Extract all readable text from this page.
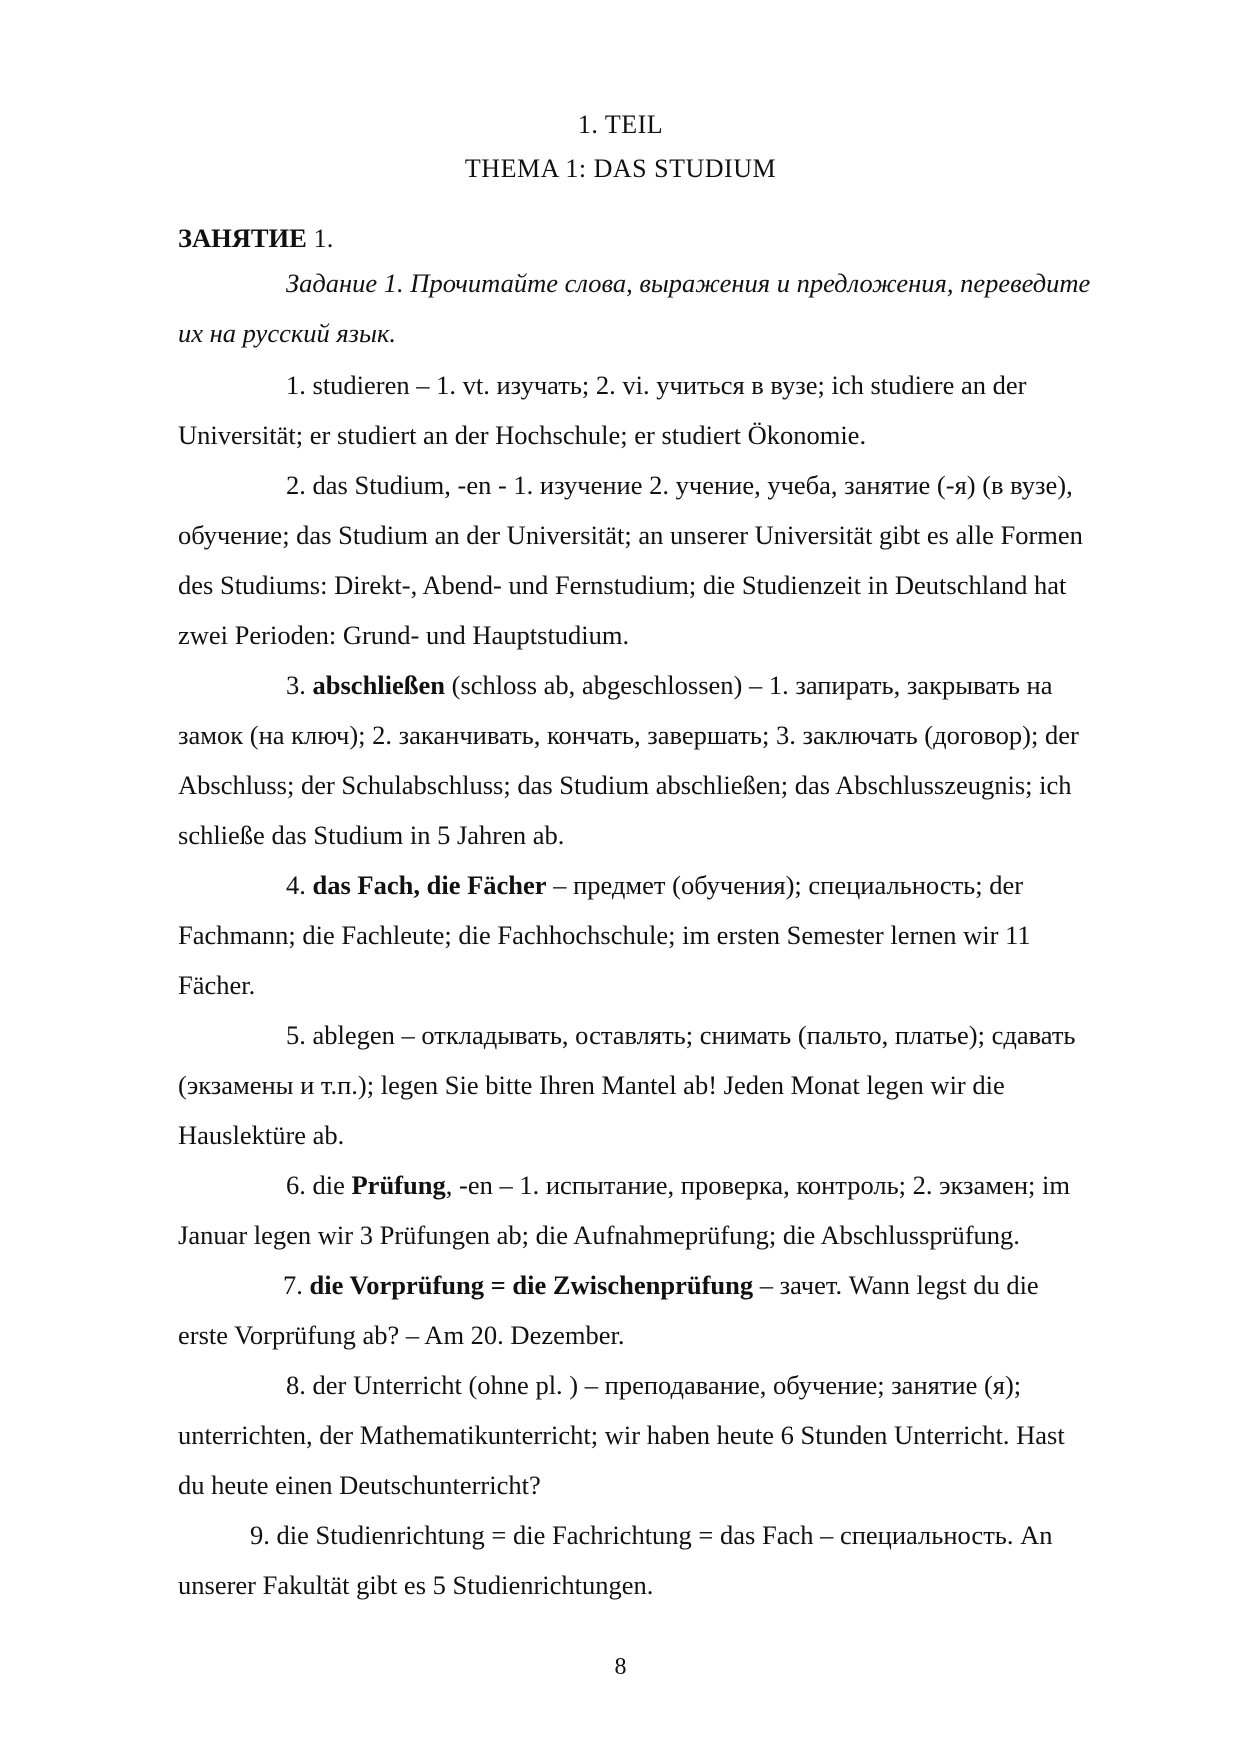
1. TEIL
THEMA 1: DAS STUDIUM
ЗАНЯТИЕ 1.
Задание 1. Прочитайте слова, выражения и предложения, переведите
их на русский язык.
1. studieren – 1. vt. изучать; 2. vi. учиться в вузе; ich studiere an der
Universität; er studiert an der Hochschule; er studiert Ökonomie.
2. das Studium, -en - 1. изучение 2. учение, учеба, занятие (-я) (в вузе),
обучение; das Studium an der Universität; an unserer Universität gibt es alle Formen
des Studiums: Direkt-, Abend- und Fernstudium; die Studienzeit in Deutschland hat
zwei Perioden: Grund- und Hauptstudium.
3. abschließen (schloss ab, abgeschlossen) – 1. запирать, закрывать на
замок (на ключ); 2. заканчивать, кончать, завершать; 3. заключать (договор); der
Abschluss; der Schulabschluss; das Studium abschließen; das Abschlusszeugnis; ich
schließe das Studium in 5 Jahren ab.
4. das Fach, die Fächer – предмет (обучения); специальность; der
Fachmann; die Fachleute; die Fachhochschule; im ersten Semester lernen wir 11
Fächer.
5. ablegen – откладывать, оставлять; снимать (пальто, платье); сдавать
(экзамены и т.п.); legen Sie bitte Ihren Mantel ab! Jeden Monat legen wir die
Hauslektüre ab.
6. die Prüfung, -en – 1. испытание, проверка, контроль; 2. экзамен; im
Januar legen wir 3 Prüfungen ab; die Aufnahmeprüfung; die Abschlussprüfung.
7. die Vorprüfung = die Zwischenprüfung – зачет. Wann legst du die
erste Vorprüfung ab? – Am 20. Dezember.
8. der Unterricht (ohne pl. ) – преподавание, обучение; занятие (я);
unterrichten, der Mathematikunterricht; wir haben heute 6 Stunden Unterricht. Hast
du heute einen Deutschunterricht?
9. die Studienrichtung = die Fachrichtung = das Fach – специальность. An
unserer Fakultät gibt es 5 Studienrichtungen.
8
